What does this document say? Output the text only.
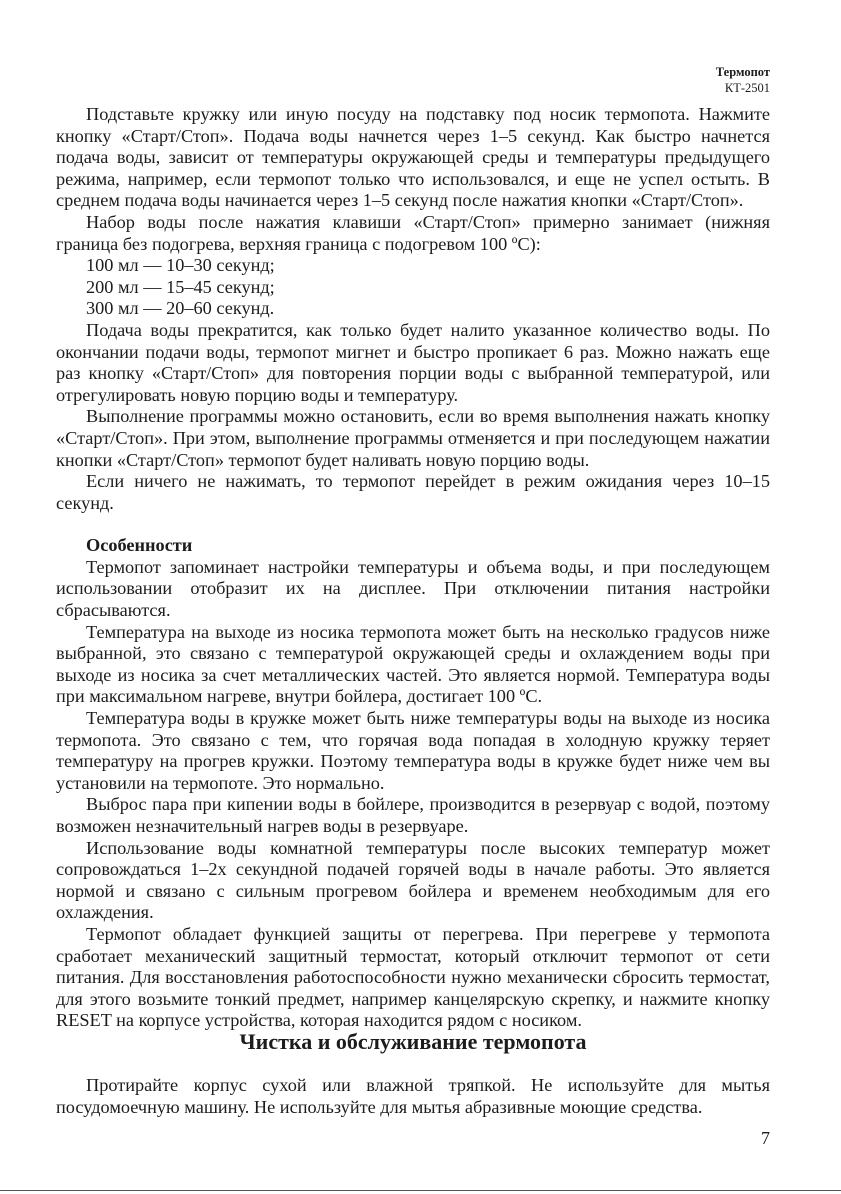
Термопот
КТ-2501

Подставьте кружку или иную посуду на подставку под носик термопота. Нажмите кнопку «Старт/Стоп». Подача воды начнется через 1–5 секунд. Как быстро начнется подача воды, зависит от температуры окружающей среды и температуры предыдущего режима, например, если термопот только что использовался, и еще не успел остыть. В среднем подача воды начинается через 1–5 секунд после нажатия кнопки «Старт/Стоп».

Набор воды после нажатия клавиши «Старт/Стоп» примерно занимает (нижняя граница без подогрева, верхняя граница с подогревом 100 ºС):

100 мл — 10–30 секунд;
200 мл — 15–45 секунд;
300 мл — 20–60 секунд.

Подача воды прекратится, как только будет налито указанное количество воды. По окончании подачи воды, термопот мигнет и быстро пропикает 6 раз. Можно нажать еще раз кнопку «Старт/Стоп» для повторения порции воды с выбранной температурой, или отрегулировать новую порцию воды и температуру.

Выполнение программы можно остановить, если во время выполнения нажать кнопку «Старт/Стоп». При этом, выполнение программы отменяется и при последующем нажатии кнопки «Старт/Стоп» термопот будет наливать новую порцию воды.

Если ничего не нажимать, то термопот перейдет в режим ожидания через 10–15 секунд.

Особенности

Термопот запоминает настройки температуры и объема воды, и при последующем использовании отобразит их на дисплее. При отключении питания настройки сбрасываются.

Температура на выходе из носика термопота может быть на несколько градусов ниже выбранной, это связано с температурой окружающей среды и охлаждением воды при выходе из носика за счет металлических частей. Это является нормой. Температура воды при максимальном нагреве, внутри бойлера, достигает 100 ºС.

Температура воды в кружке может быть ниже температуры воды на выходе из носика термопота. Это связано с тем, что горячая вода попадая в холодную кружку теряет температуру на прогрев кружки. Поэтому температура воды в кружке будет ниже чем вы установили на термопоте. Это нормально.

Выброс пара при кипении воды в бойлере, производится в резервуар с водой, поэтому возможен незначительный нагрев воды в резервуаре.

Использование воды комнатной температуры после высоких температур может сопровождаться 1–2х секундной подачей горячей воды в начале работы. Это является нормой и связано с сильным прогревом бойлера и временем необходимым для его охлаждения.

Термопот обладает функцией защиты от перегрева. При перегреве у термопота сработает механический защитный термостат, который отключит термопот от сети питания. Для восстановления работоспособности нужно механически сбросить термостат, для этого возьмите тонкий предмет, например канцелярскую скрепку, и нажмите кнопку RESET на корпусе устройства, которая находится рядом с носиком.

Чистка и обслуживание термопота

Протирайте корпус сухой или влажной тряпкой. Не используйте для мытья посудомоечную машину. Не используйте для мытья абразивные моющие средства.

7
